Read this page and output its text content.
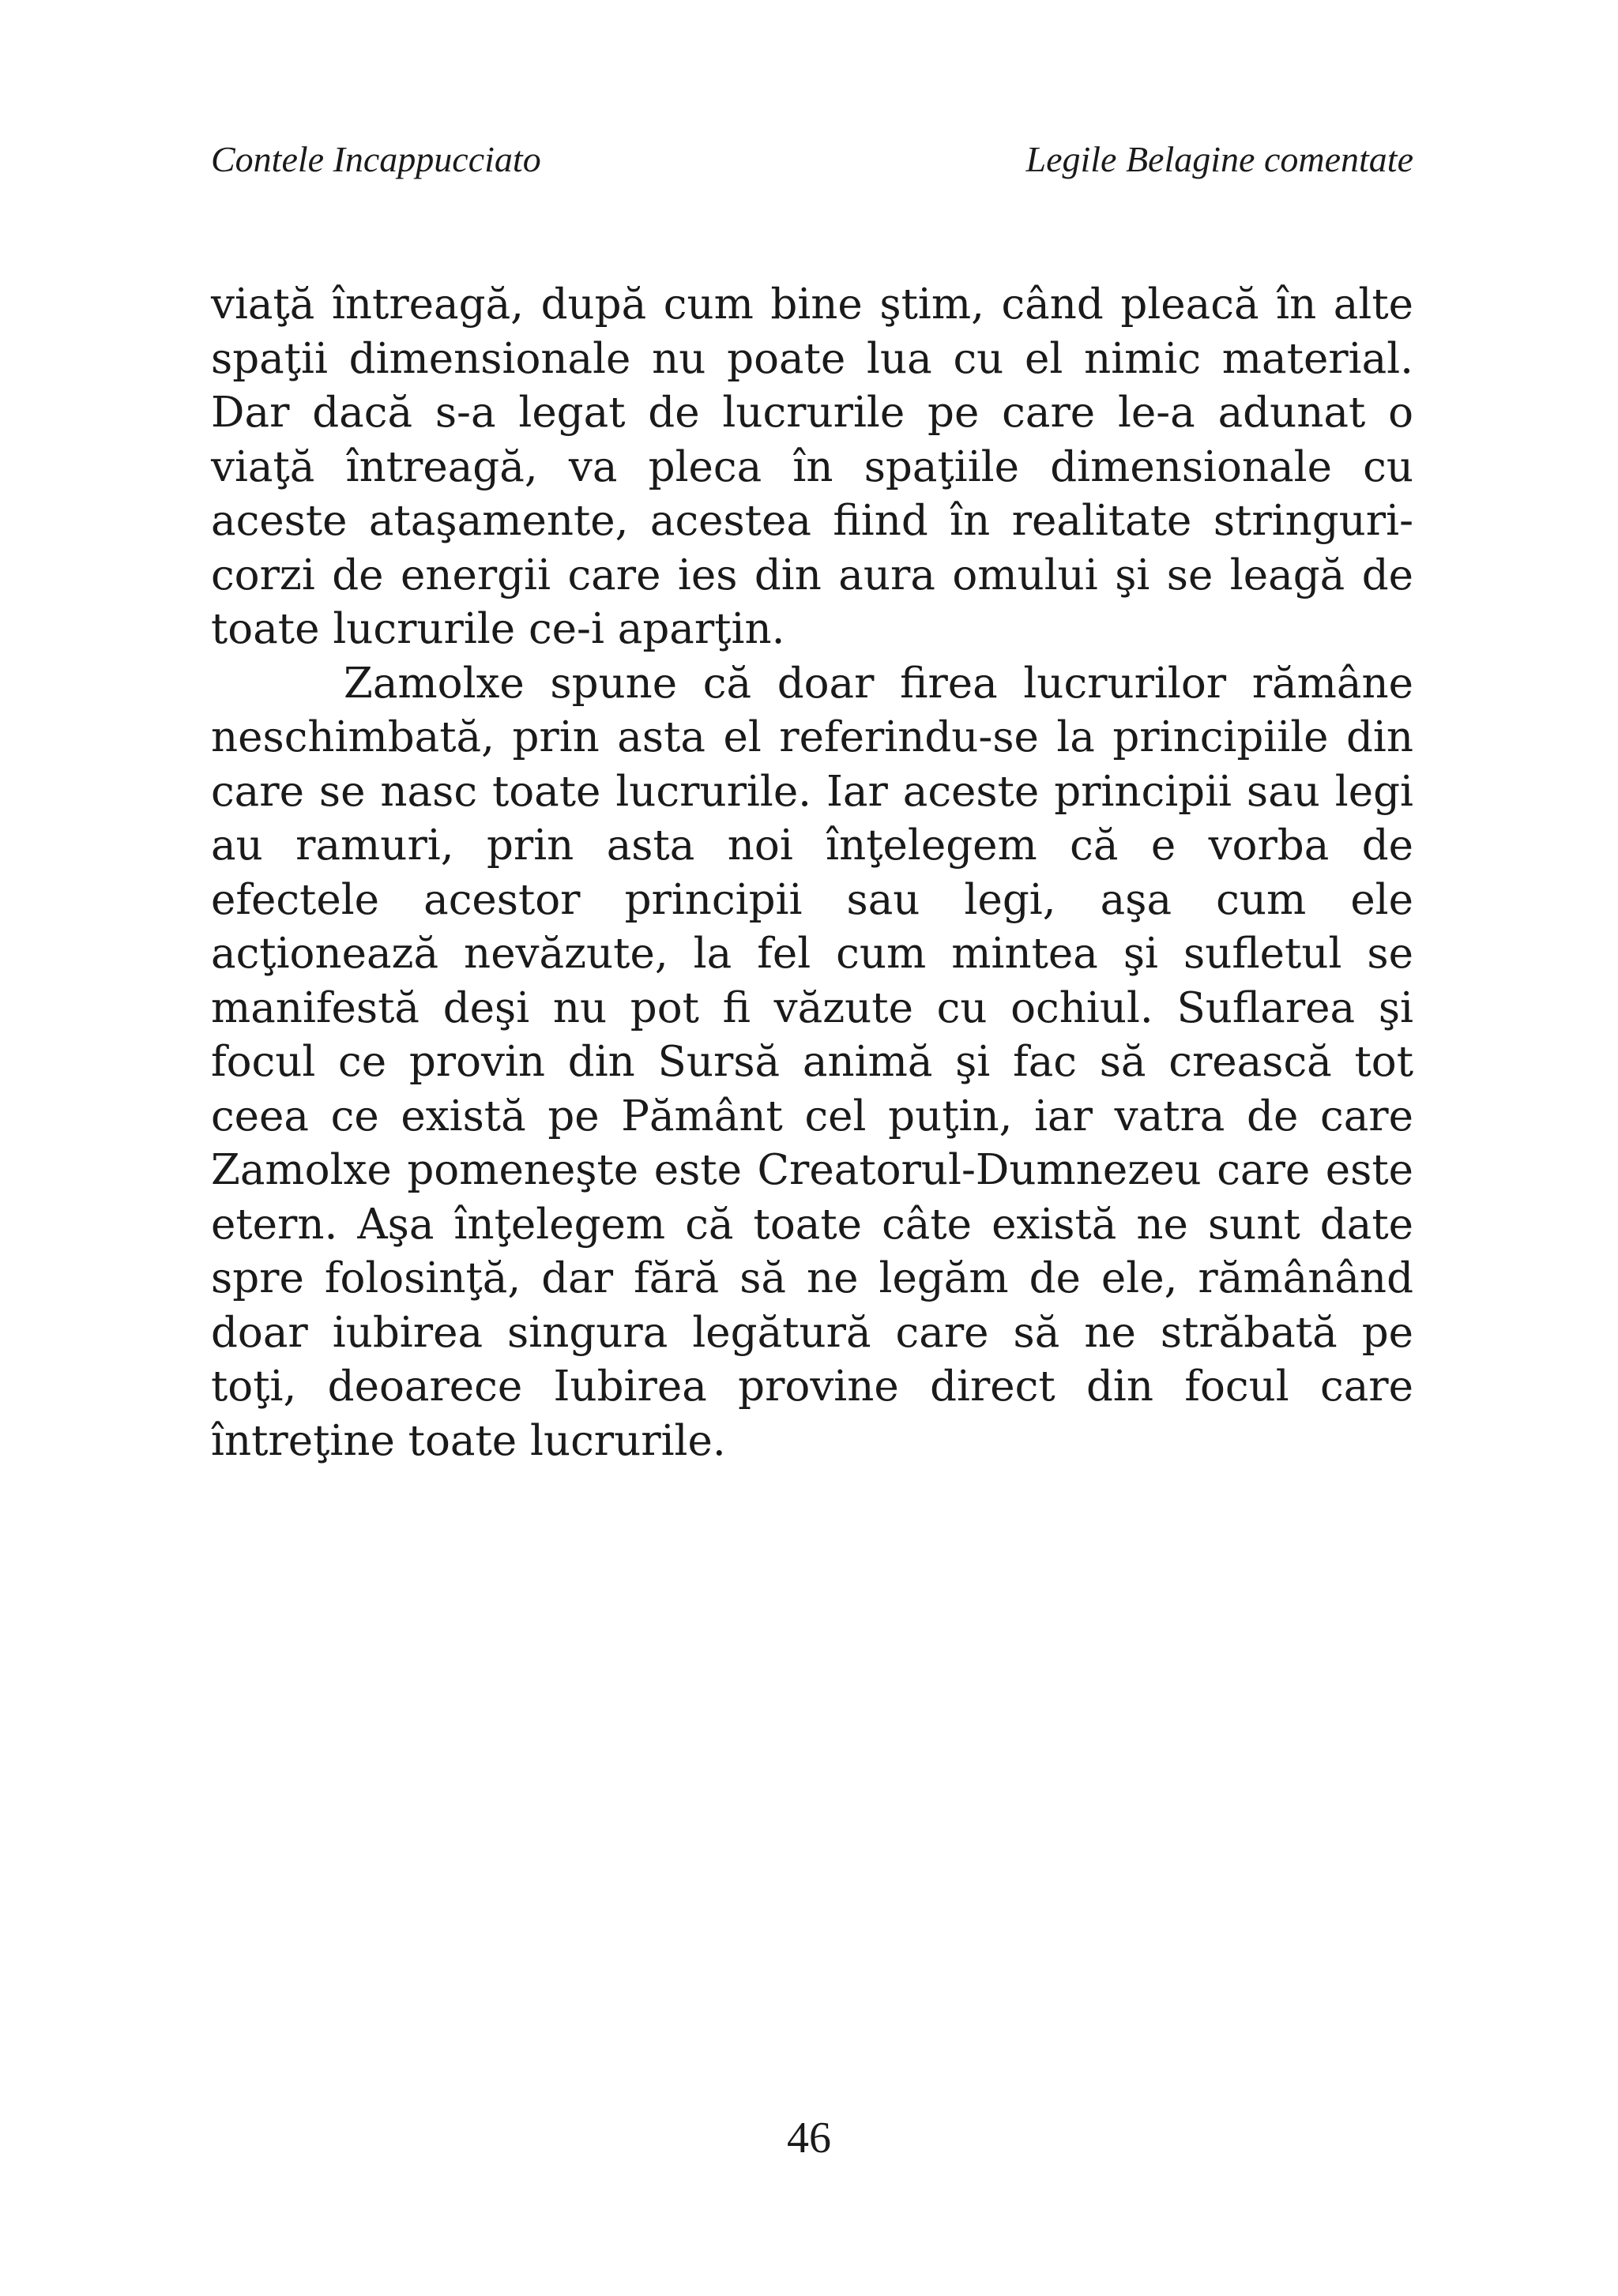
Contele Incappucciato	Legile Belagine comentate

viaţă întreagă, după cum bine ştim, când pleacă în alte spaţii dimensionale nu poate lua cu el nimic material. Dar dacă s-a legat de lucrurile pe care le-a adunat o viaţă întreagă, va pleca în spaţiile dimensionale cu aceste ataşamente, acestea fiind în realitate stringuri-corzi de energii care ies din aura omului şi se leagă de toate lucrurile ce-i aparţin.

Zamolxe spune că doar firea lucrurilor rămâne neschimbată, prin asta el referindu-se la principiile din care se nasc toate lucrurile. Iar aceste principii sau legi au ramuri, prin asta noi înţelegem că e vorba de efectele acestor principii sau legi, aşa cum ele acţionează nevăzute, la fel cum mintea şi sufletul se manifestă deşi nu pot fi văzute cu ochiul. Suflarea şi focul ce provin din Sursă animă şi fac să crească tot ceea ce există pe Pământ cel puţin, iar vatra de care Zamolxe pomeneşte este Creatorul-Dumnezeu care este etern. Aşa înţelegem că toate câte există ne sunt date spre folosinţă, dar fără să ne legăm de ele, rămânând doar iubirea singura legătură care să ne străbată pe toţi, deoarece Iubirea provine direct din focul care întreţine toate lucrurile.

46
